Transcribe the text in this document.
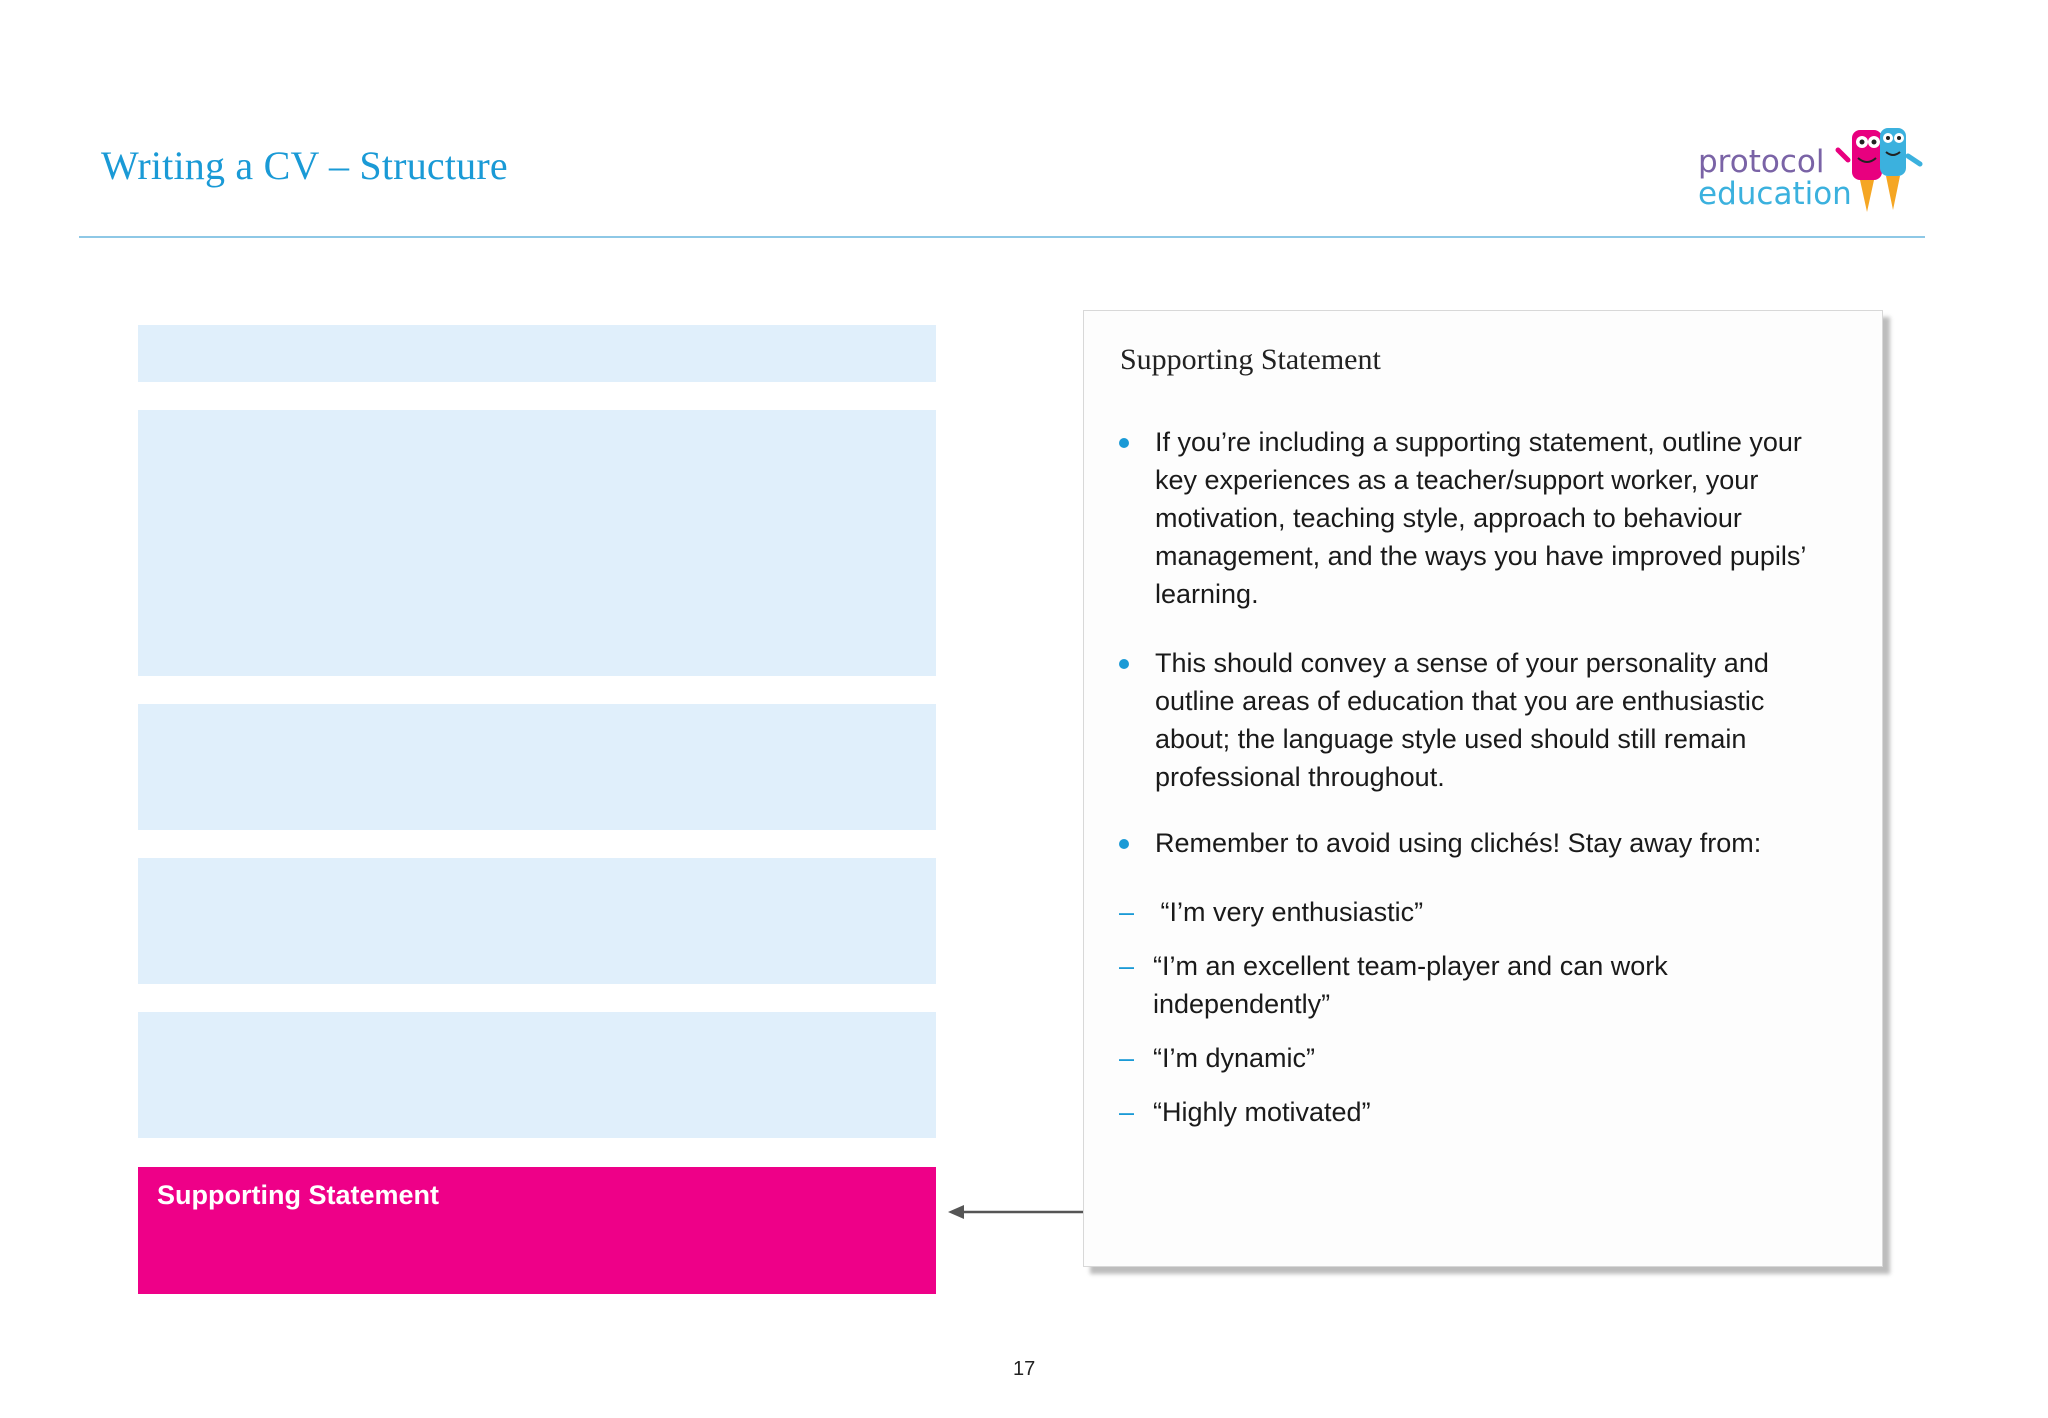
Writing a CV – Structure	protocol
education
Supporting Statement
Supporting Statement
If you’re including a supporting statement, outline your key experiences as a teacher/support worker, your motivation, teaching style, approach to behaviour management, and the ways you have improved pupils’ learning.
This should convey a sense of your personality and outline areas of education that you are enthusiastic about; the language style used should still remain professional throughout.
Remember to avoid using clichés! Stay away from:
– “I’m very enthusiastic”
– “I’m an excellent team-player and can work independently”
– “I’m dynamic”
– “Highly motivated”
17
